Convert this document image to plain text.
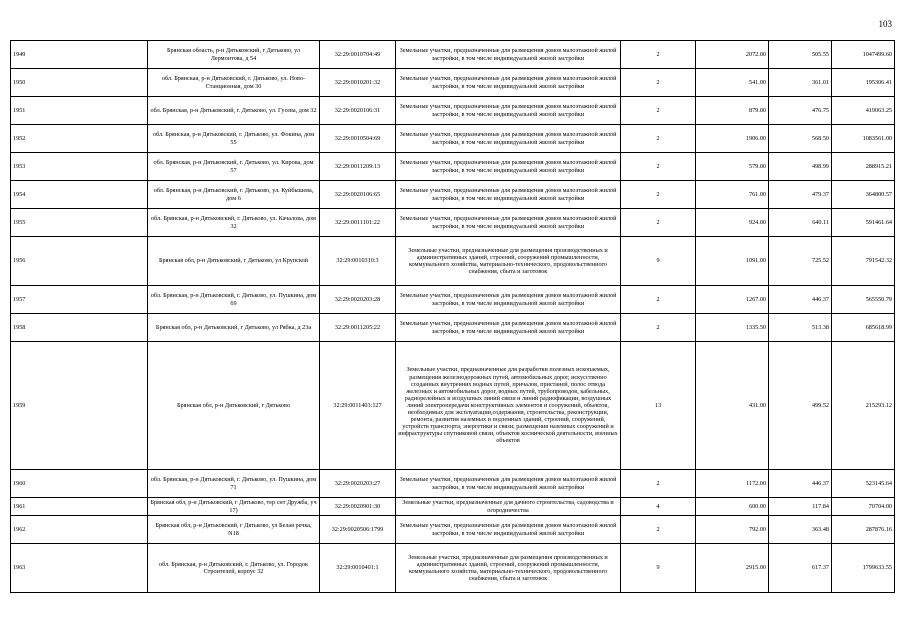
103
1949	Брянская область, р-н Дятьковский, г Дятьково, ул Лермонтова, д 54	32:29:0010704:49	Земельные участки, предназначенные для размещения домов малоэтажной жилой застройки, в том числе индивидуальной жилой застройки	2	2072.00	505.55	1047499.60
1950	обл. Брянская, р-н Дятьковский, г. Дятьково, ул. Ново-Станционная, дом 30	32:29:0010201:32	Земельные участки, предназначенные для размещения домов малоэтажной жилой застройки, в том числе индивидуальной жилой застройки	2	541.00	361.01	195306.41
1951	обл. Брянская, р-н Дятьковский, г. Дятьково, ул. Гусева, дом 32	32:29:0020106:31	Земельные участки, предназначенные для размещения домов малоэтажной жилой застройки, в том числе индивидуальной жилой застройки	2	879.00	476.75	419063.25
1952	обл. Брянская, р-н Дятьковский, г. Дятьково, ул. Фокина, дом 55	32:29:0010504:69	Земельные участки, предназначенные для размещения домов малоэтажной жилой застройки, в том числе индивидуальной жилой застройки	2	1906.00	568.50	1083561.00
1953	обл. Брянская, р-н Дятьковский, г. Дятьково, ул. Кирова, дом 57	32:29:0011209:13	Земельные участки, предназначенные для размещения домов малоэтажной жилой застройки, в том числе индивидуальной жилой застройки	2	579.00	498.99	288915.21
1954	обл. Брянская, р-н Дятьковский, г. Дятьково, ул. Куйбышева, дом 6	32:29:0020106:65	Земельные участки, предназначенные для размещения домов малоэтажной жилой застройки, в том числе индивидуальной жилой застройки	2	761.00	479.37	364800.57
1955	обл. Брянская, р-н Дятьковский, г. Дятьково, ул. Качалова, дом 32	32:29:0011101:22	Земельные участки, предназначенные для размещения домов малоэтажной жилой застройки, в том числе индивидуальной жилой застройки	2	924.00	640.11	591461.64
1956	Брянская обл, р-н Дятьковский, г Дятьково, ул Крупской	32:29:0010310:3	Земельные участки, предназначенные для размещения производственных и административных зданий, строений, сооружений промышленности, коммунального хозяйства, материально-технического, продовольственного снабжения, сбыта и заготовок	9	1091.00	725.52	791542.32
1957	обл. Брянская, р-н Дятьковский, г. Дятьково, ул. Пушкина, дом 69	32:29:0020203:28	Земельные участки, предназначенные для размещения домов малоэтажной жилой застройки, в том числе индивидуальной жилой застройки	2	1267.00	446.37	565550.79
1958	Брянская обл, р-н Дятьковский, г Дятьково, ул Рябка, д 23а	32:29:0011205:22	Земельные участки, предназначенные для размещения домов малоэтажной жилой застройки, в том числе индивидуальной жилой застройки	2	1335.50	513.38	685618.99
1959	Брянская обл, р-н Дятьковский, г Дятьково	32:29:0011403:127	Земельные участки, предназначенные для разработки полезных ископаемых, размещения железнодорожных путей, автомобильных дорог, искусственно созданных внутренних водных путей, причалов, пристаней, полос отвода железных и автомобильных дорог, водных путей, трубопроводов, кабельных, радиорелейных и воздушных линий связи и линий радиофикации, воздушных линий электропередачи конструктивных элементов и сооружений, объектов, необходимых для эксплуатации,содержания, строительства, реконструкции, ремонта, развития наземных и подземных зданий, строений, сооружений, устройств транспорта, энергетики и связи; размещения наземных сооружений и инфраструктуры спутниковой связи, объектов космической деятельности, военных объектов	13	431.00	499.52	215293.12
1960	обл. Брянская, р-н Дятьковский, г. Дятьково, ул. Пушкина, дом 71	32:29:0020203:27	Земельные участки, предназначенные для размещения домов малоэтажной жилой застройки, в том числе индивидуальной жилой застройки	2	1172.00	446.37	523145.64
1961	Брянская обл, р-н Дятьковский, г Дятьково, тер снт Дружба, уч 17)	32:29:0020901:30	Земельные участки, предназначенные для дачного строительства, садоводства и огородничества	4	600.00	117.84	70704.00
1962	Брянская обл, р-н Дятьковский, г Дятьково, ул Белая речка, N18	32:29:0020506:1799	Земельные участки, предназначенные для размещения домов малоэтажной жилой застройки, в том числе индивидуальной жилой застройки	2	792.00	363.48	287876.16
1963	обл. Брянская, р-н Дятьковский, г. Дятьково, ул. Городок Строителей, корпус 32	32:29:0010401:1	Земельные участки, предназначенные для размещения производственных и административных зданий, строений, сооружений промышленности, коммунального хозяйства, материально-технического, продовольственного снабжения, сбыта и заготовок	9	2915.00	617.37	1799633.55
